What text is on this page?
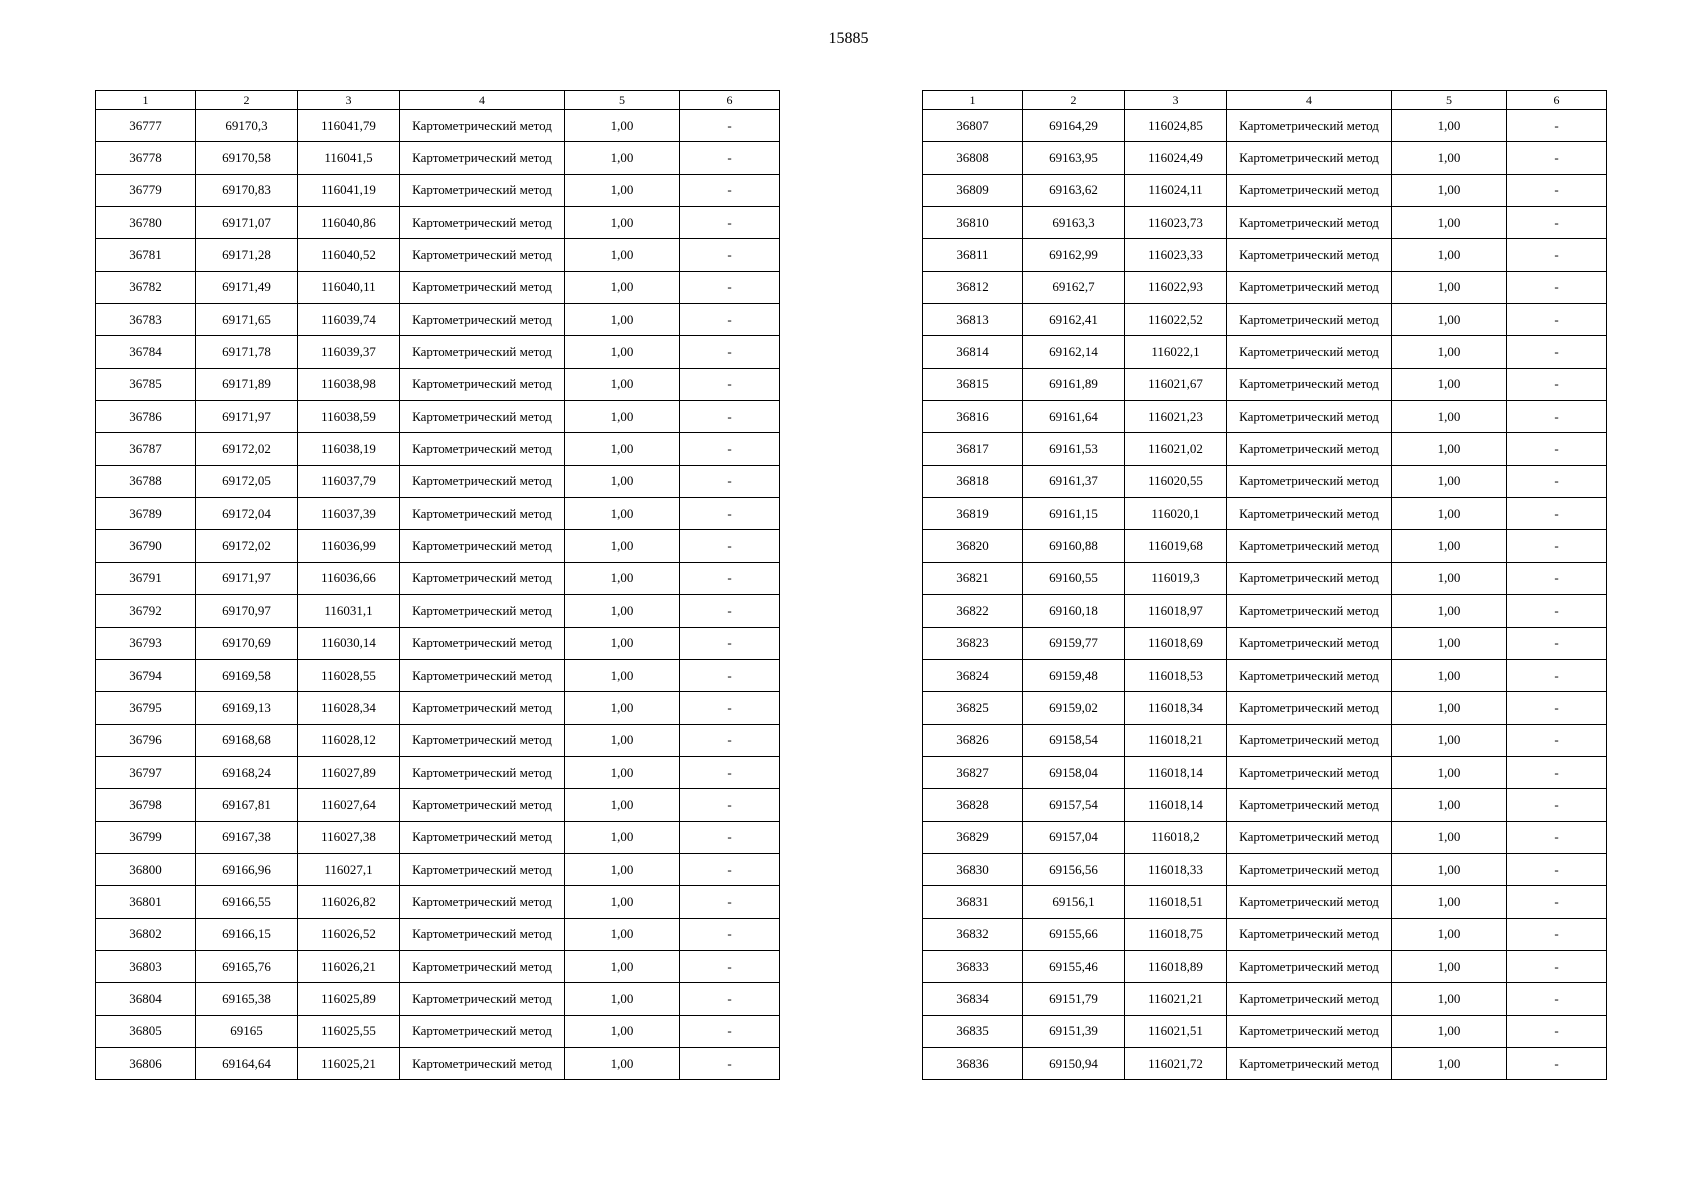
15885
1	2	3	4	5	6
36777	69170,3	116041,79	Картометрический метод	1,00	-
36778	69170,58	116041,5	Картометрический метод	1,00	-
36779	69170,83	116041,19	Картометрический метод	1,00	-
36780	69171,07	116040,86	Картометрический метод	1,00	-
36781	69171,28	116040,52	Картометрический метод	1,00	-
36782	69171,49	116040,11	Картометрический метод	1,00	-
36783	69171,65	116039,74	Картометрический метод	1,00	-
36784	69171,78	116039,37	Картометрический метод	1,00	-
36785	69171,89	116038,98	Картометрический метод	1,00	-
36786	69171,97	116038,59	Картометрический метод	1,00	-
36787	69172,02	116038,19	Картометрический метод	1,00	-
36788	69172,05	116037,79	Картометрический метод	1,00	-
36789	69172,04	116037,39	Картометрический метод	1,00	-
36790	69172,02	116036,99	Картометрический метод	1,00	-
36791	69171,97	116036,66	Картометрический метод	1,00	-
36792	69170,97	116031,1	Картометрический метод	1,00	-
36793	69170,69	116030,14	Картометрический метод	1,00	-
36794	69169,58	116028,55	Картометрический метод	1,00	-
36795	69169,13	116028,34	Картометрический метод	1,00	-
36796	69168,68	116028,12	Картометрический метод	1,00	-
36797	69168,24	116027,89	Картометрический метод	1,00	-
36798	69167,81	116027,64	Картометрический метод	1,00	-
36799	69167,38	116027,38	Картометрический метод	1,00	-
36800	69166,96	116027,1	Картометрический метод	1,00	-
36801	69166,55	116026,82	Картометрический метод	1,00	-
36802	69166,15	116026,52	Картометрический метод	1,00	-
36803	69165,76	116026,21	Картометрический метод	1,00	-
36804	69165,38	116025,89	Картометрический метод	1,00	-
36805	69165	116025,55	Картометрический метод	1,00	-
36806	69164,64	116025,21	Картометрический метод	1,00	-
1	2	3	4	5	6
36807	69164,29	116024,85	Картометрический метод	1,00	-
36808	69163,95	116024,49	Картометрический метод	1,00	-
36809	69163,62	116024,11	Картометрический метод	1,00	-
36810	69163,3	116023,73	Картометрический метод	1,00	-
36811	69162,99	116023,33	Картометрический метод	1,00	-
36812	69162,7	116022,93	Картометрический метод	1,00	-
36813	69162,41	116022,52	Картометрический метод	1,00	-
36814	69162,14	116022,1	Картометрический метод	1,00	-
36815	69161,89	116021,67	Картометрический метод	1,00	-
36816	69161,64	116021,23	Картометрический метод	1,00	-
36817	69161,53	116021,02	Картометрический метод	1,00	-
36818	69161,37	116020,55	Картометрический метод	1,00	-
36819	69161,15	116020,1	Картометрический метод	1,00	-
36820	69160,88	116019,68	Картометрический метод	1,00	-
36821	69160,55	116019,3	Картометрический метод	1,00	-
36822	69160,18	116018,97	Картометрический метод	1,00	-
36823	69159,77	116018,69	Картометрический метод	1,00	-
36824	69159,48	116018,53	Картометрический метод	1,00	-
36825	69159,02	116018,34	Картометрический метод	1,00	-
36826	69158,54	116018,21	Картометрический метод	1,00	-
36827	69158,04	116018,14	Картометрический метод	1,00	-
36828	69157,54	116018,14	Картометрический метод	1,00	-
36829	69157,04	116018,2	Картометрический метод	1,00	-
36830	69156,56	116018,33	Картометрический метод	1,00	-
36831	69156,1	116018,51	Картометрический метод	1,00	-
36832	69155,66	116018,75	Картометрический метод	1,00	-
36833	69155,46	116018,89	Картометрический метод	1,00	-
36834	69151,79	116021,21	Картометрический метод	1,00	-
36835	69151,39	116021,51	Картометрический метод	1,00	-
36836	69150,94	116021,72	Картометрический метод	1,00	-
